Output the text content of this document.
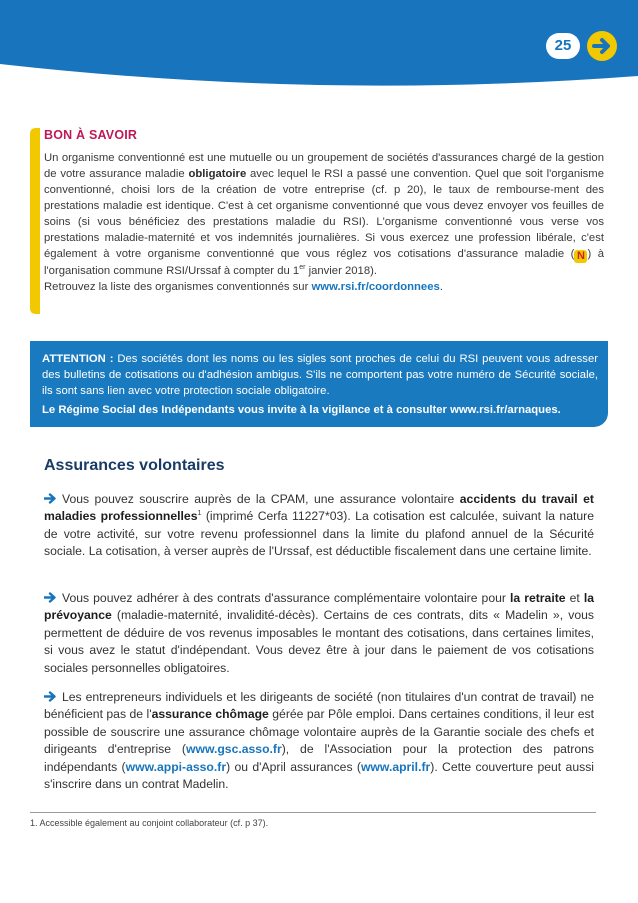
25
BON À SAVOIR
Un organisme conventionné est une mutuelle ou un groupement de sociétés d'assurances chargé de la gestion de votre assurance maladie obligatoire avec lequel le RSI a passé une convention. Quel que soit l'organisme conventionné, choisi lors de la création de votre entreprise (cf. p 20), le taux de rembourse-ment des prestations maladie est identique. C'est à cet organisme conventionné que vous devez envoyer vos feuilles de soins (si vous bénéficiez des prestations maladie du RSI). L'organisme conventionné vous verse vos prestations maladie-maternité et vos indemnités journalières. Si vous exercez une profession libérale, c'est également à votre organisme conventionné que vous réglez vos cotisations d'assurance maladie ( N ) à l'organisation commune RSI/Urssaf à compter du 1er janvier 2018).
Retrouvez la liste des organismes conventionnés sur www.rsi.fr/coordonnees.
ATTENTION : Des sociétés dont les noms ou les sigles sont proches de celui du RSI peuvent vous adresser des bulletins de cotisations ou d'adhésion ambigus. S'ils ne comportent pas votre numéro de Sécurité sociale, ils sont sans lien avec votre protection sociale obligatoire.
Le Régime Social des Indépendants vous invite à la vigilance et à consulter www.rsi.fr/arnaques.
Assurances volontaires
Vous pouvez souscrire auprès de la CPAM, une assurance volontaire accidents du travail et maladies professionnelles$^1$ (imprimé Cerfa 11227*03). La cotisation est calculée, suivant la nature de votre activité, sur votre revenu professionnel dans la limite du plafond annuel de la Sécurité sociale. La cotisation, à verser auprès de l'Urssaf, est déductible fiscalement dans une certaine limite.
Vous pouvez adhérer à des contrats d'assurance complémentaire volontaire pour la retraite et la prévoyance (maladie-maternité, invalidité-décès). Certains de ces contrats, dits « Madelin », vous permettent de déduire de vos revenus imposables le montant des cotisations, dans certaines limites, si vous avez le statut d'indépendant. Vous devez être à jour dans le paiement de vos cotisations sociales personnelles obligatoires.
Les entrepreneurs individuels et les dirigeants de société (non titulaires d'un contrat de travail) ne bénéficient pas de l'assurance chômage gérée par Pôle emploi. Dans certaines conditions, il leur est possible de souscrire une assurance chômage volontaire auprès de la Garantie sociale des chefs et dirigeants d'entreprise (www.gsc.asso.fr), de l'Association pour la protection des patrons indépendants (www.appi-asso.fr) ou d'April assurances (www.april.fr). Cette couverture peut aussi s'inscrire dans un contrat Madelin.
1. Accessible également au conjoint collaborateur (cf. p 37).
